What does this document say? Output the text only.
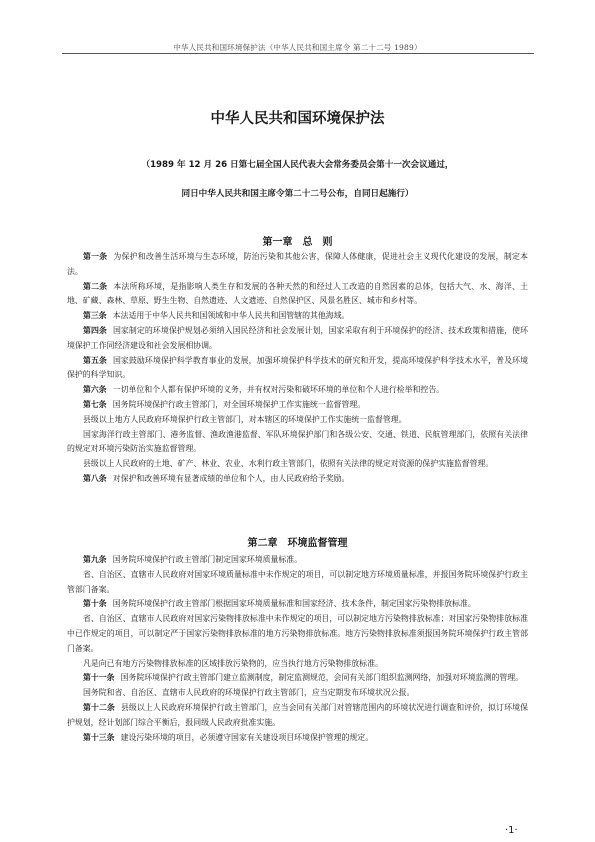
中华人民共和国环境保护法（中华人民共和国主席令 第二十二号 1989）
中华人民共和国环境保护法
（1989 年 12 月 26 日第七届全国人民代表大会常务委员会第十一次会议通过，
同日中华人民共和国主席令第二十二号公布，自同日起施行）
第一章　总　则

第一条 为保护和改善生活环境与生态环境，防治污染和其他公害，保障人体健康，促进社会主义现代化建设的发展，制定本法。

第二条 本法所称环境，是指影响人类生存和发展的各种天然的和经过人工改造的自然因素的总体，包括大气、水、海洋、土地、矿藏、森林、草原、野生生物、自然遗迹、人文遗迹、自然保护区、风景名胜区、城市和乡村等。

第三条 本法适用于中华人民共和国领域和中华人民共和国管辖的其他海域。

第四条 国家制定的环境保护规划必须纳入国民经济和社会发展计划，国家采取有利于环境保护的经济、技术政策和措施，使环境保护工作同经济建设和社会发展相协调。

第五条 国家鼓励环境保护科学教育事业的发展，加强环境保护科学技术的研究和开发，提高环境保护科学技术水平，普及环境保护的科学知识。

第六条 一切单位和个人都有保护环境的义务，并有权对污染和破坏环境的单位和个人进行检举和控告。

第七条 国务院环境保护行政主管部门，对全国环境保护工作实施统一监督管理。

县级以上地方人民政府环境保护行政主管部门，对本辖区的环境保护工作实施统一监督管理。

国家海洋行政主管部门、港务监督、渔政渔港监督、军队环境保护部门和各级公安、交通、铁道、民航管理部门，依照有关法律的规定对环境污染防治实施监督管理。

县级以上人民政府的土地、矿产、林业、农业、水利行政主管部门，依照有关法律的规定对资源的保护实施监督管理。

第八条 对保护和改善环境有显著成绩的单位和个人，由人民政府给予奖励。

第二章　环境监督管理

第九条 国务院环境保护行政主管部门制定国家环境质量标准。

省、自治区、直辖市人民政府对国家环境质量标准中未作规定的项目，可以制定地方环境质量标准，并报国务院环境保护行政主管部门备案。

第十条 国务院环境保护行政主管部门根据国家环境质量标准和国家经济、技术条件，制定国家污染物排放标准。

省、自治区、直辖市人民政府对国家污染物排放标准中未作规定的项目，可以制定地方污染物排放标准；对国家污染物排放标准中已作规定的项目，可以制定严于国家污染物排放标准的地方污染物排放标准。地方污染物排放标准须报国务院环境保护行政主管部门备案。

凡是向已有地方污染物排放标准的区域排放污染物的，应当执行地方污染物排放标准。

第十一条 国务院环境保护行政主管部门建立监测制度，制定监测规范，会同有关部门组织监测网络，加强对环境监测的管理。

国务院和省、自治区、直辖市人民政府的环境保护行政主管部门，应当定期发布环境状况公报。

第十二条 县级以上人民政府环境保护行政主管部门，应当会同有关部门对管辖范围内的环境状况进行调查和评价，拟订环境保护规划，经计划部门综合平衡后，报同级人民政府批准实施。

第十三条 建设污染环境的项目，必须遵守国家有关建设项目环境保护管理的规定。

·1·
